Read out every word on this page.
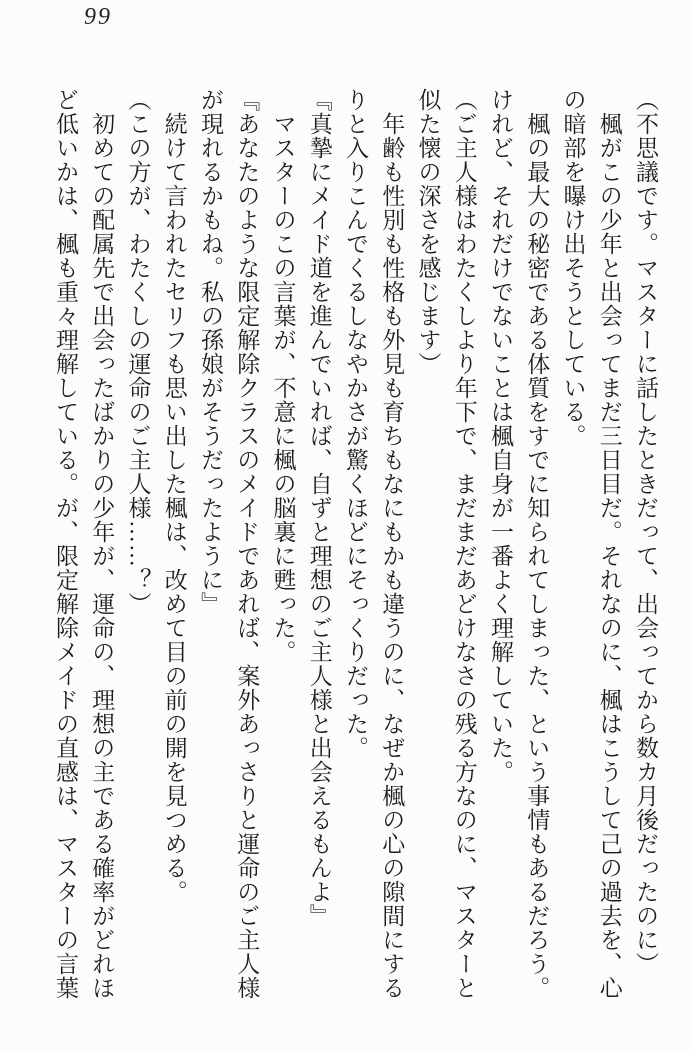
99

（不思議です。マスターに話したときだって、出会ってから数カ月後だったのに）

　楓がこの少年と出会ってまだ三日目だ。それなのに、楓はこうして己の過去を、心

の暗部を曝け出そうとしている。

　楓の最大の秘密である体質をすでに知られてしまった、という事情もあるだろう。

けれど、それだけでないことは楓自身が一番よく理解していた。

（ご主人様はわたくしより年下で、まだまだあどけなさの残る方なのに、マスターと

似た懐の深さを感じます）

　年齢も性別も性格も外見も育ちもなにもかも違うのに、なぜか楓の心の隙間にする

りと入りこんでくるしなやかさが驚くほどにそっくりだった。

『真摯にメイド道を進んでいれば、自ずと理想のご主人様と出会えるもんよ』

　マスターのこの言葉が、不意に楓の脳裏に甦った。

『あなたのような限定解除クラスのメイドであれば、案外あっさりと運命のご主人様

が現れるかもね。私の孫娘がそうだったように』

　続けて言われたセリフも思い出した楓は、改めて目の前の開を見つめる。

（この方が、わたくしの運命のご主人様……？）

　初めての配属先で出会ったばかりの少年が、運命の、理想の主である確率がどれほ

ど低いかは、楓も重々理解している。が、限定解除メイドの直感は、マスターの言葉
